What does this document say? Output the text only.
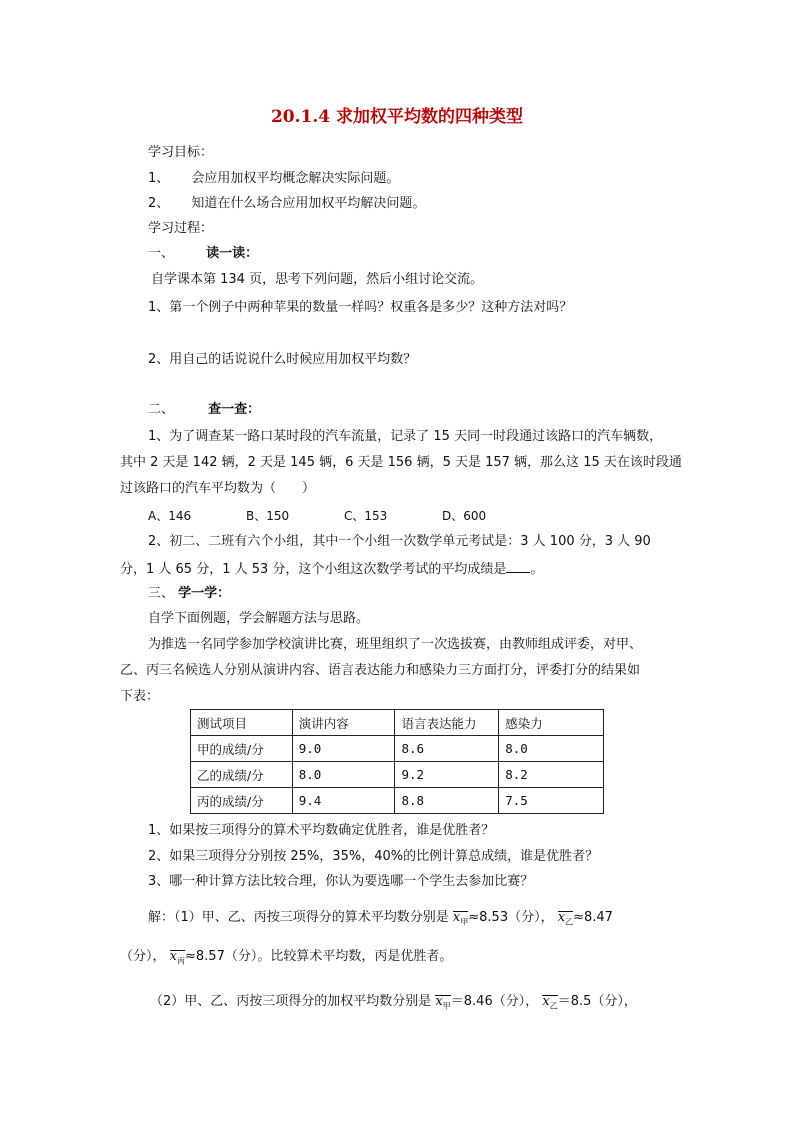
20.1.4 求加权平均数的四种类型
学习目标：
1、 会应用加权平均概念解决实际问题。
2、 知道在什么场合应用加权平均解决问题。
学习过程：
一、 读一读：
自学课本第 134 页，思考下列问题，然后小组讨论交流。
1、第一个例子中两种苹果的数量一样吗？权重各是多少？这种方法对吗？
2、用自己的话说说什么时候应用加权平均数？
二、	查一查：
1、为了调查某一路口某时段的汽车流量，记录了 15 天同一时段通过该路口的汽车辆数，
其中 2 天是 142 辆，2 天是 145 辆，6 天是 156 辆，5 天是 157 辆，那么这 15 天在该时段通
过该路口的汽车平均数为（　　）
A、146	B、150	C、153	D、600
2、初二、二班有六个小组，其中一个小组一次数学单元考试是：3 人 100 分，3 人 90
分，1 人 65 分，1 人 53 分，这个小组这次数学考试的平均成绩是 。
三、 学一学：
自学下面例题，学会解题方法与思路。
为推选一名同学参加学校演讲比赛，班里组织了一次选拔赛，由教师组成评委，对甲、
乙、丙三名候选人分别从演讲内容、语言表达能力和感染力三方面打分，评委打分的结果如
下表：
测试项目	演讲内容	语言表达能力	感染力
甲的成绩/分	9.0	8.6	8.0
乙的成绩/分	8.0	9.2	8.2
丙的成绩/分	9.4	8.8	7.5
1、如果按三项得分的算术平均数确定优胜者，谁是优胜者？
2、如果三项得分分别按 25%，35%，40%的比例计算总成绩，谁是优胜者？
3、哪一种计算方法比较合理，你认为要选哪一个学生去参加比赛？
解：（1）甲、乙、丙按三项得分的算术平均数分别是 $x_甲\approx 8.53$（分）， $x_乙\approx 8.47$
（分）， $x_丙\approx 8.57$（分）。比较算术平均数，丙是优胜者。
（2）甲、乙、丙按三项得分的加权平均数分别是 $x_甲=8.46$（分）， $x_乙=8.5$（分），
